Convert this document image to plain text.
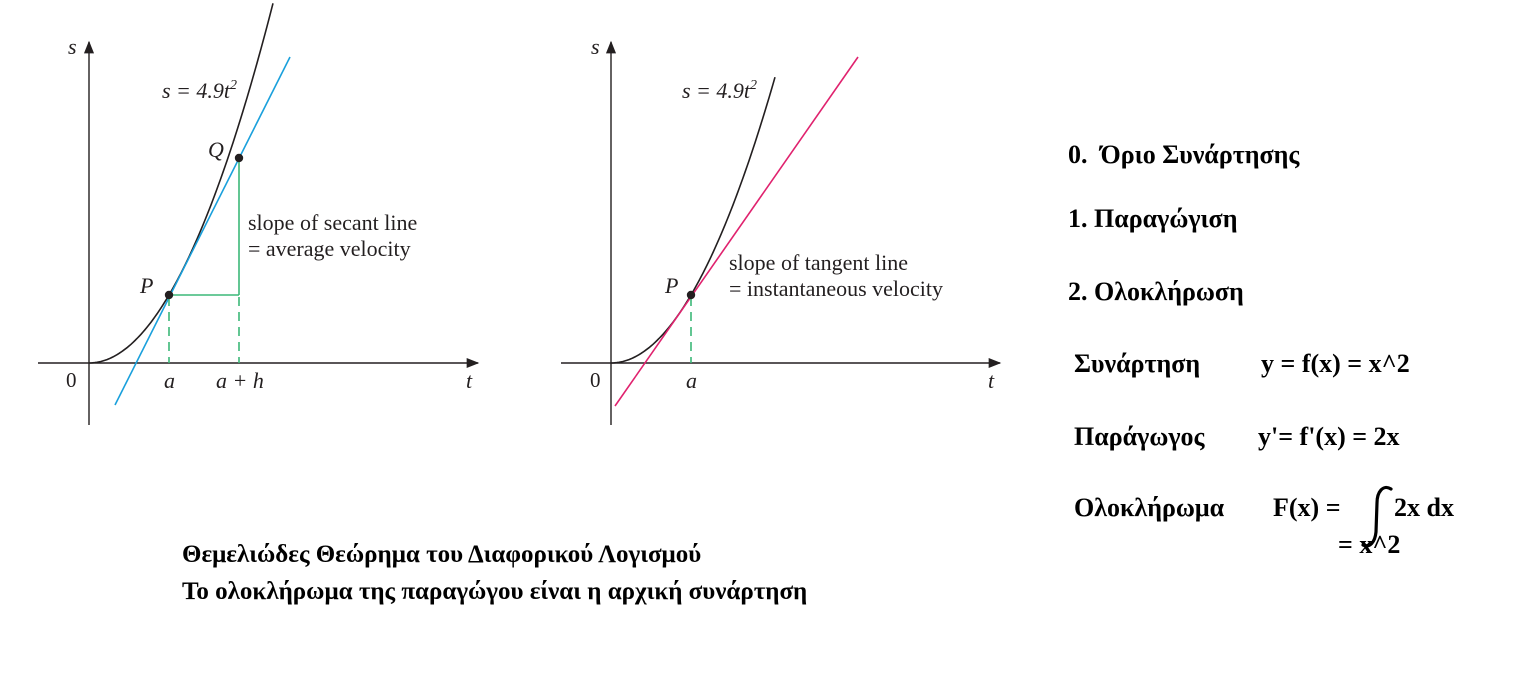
s
t
0
P
Q
a a + h
$s = 4.9t^2$
slope of secant line
= average velocity
s
t
0
P
a
$s = 4.9t^2$
slope of tangent line
= instantaneous velocity
0.  Όριο Συνάρτησης
1. Παραγώγιση
2. Ολοκλήρωση
Συνάρτηση y = f(x) = x^2
Παράγωγος y'= f'(x) = 2x
Ολοκλήρωμα F(x) = 2x dx
= x^2
Θεμελιώδες Θεώρημα του Διαφορικού Λογισμού
Το ολοκλήρωμα της παραγώγου είναι η αρχική συνάρτηση
